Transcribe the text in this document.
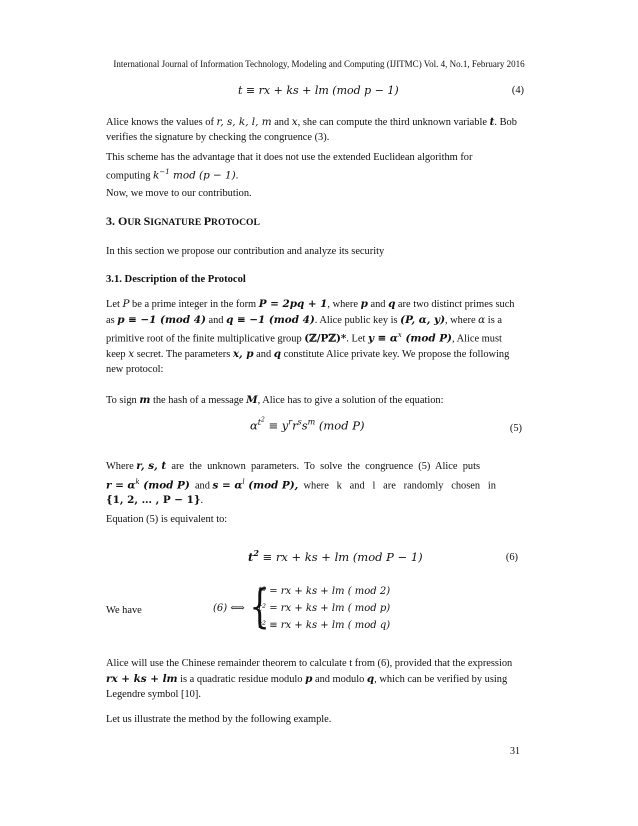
International Journal of Information Technology, Modeling and Computing (IJITMC) Vol. 4, No.1, February 2016
t ≡ rx + ks + lm (mod p − 1)	(4)
Alice knows the values of r, s, k, l, m and x, she can compute the third unknown variable t. Bob
verifies the signature by checking the congruence (3).
This scheme has the advantage that it does not use the extended Euclidean algorithm for
computing $k^{-1}$ mod (p − 1).
Now, we move to our contribution.
3. OUR SIGNATURE PROTOCOL
In this section we propose our contribution and analyze its security
3.1. Description of the Protocol
Let P be a prime integer in the form P = 2pq + 1, where p and q are two distinct primes such
as p ≡ −1 (mod 4) and q ≡ −1 (mod 4). Alice public key is (P, α, y), where α is a
primitive root of the finite multiplicative group (ℤ/Pℤ)*. Let $y \equiv \alpha^x$ (mod P), Alice must
keep x secret. The parameters x, p and q constitute Alice private key. We propose the following
new protocol:
To sign m the hash of a message M, Alice has to give a solution of the equation:
$\alpha^{t^2} \equiv y^rr^ss^m$ (mod P)	(5)
Where r, s, t  are  the  unknown  parameters.  To  solve  the  congruence  (5)  Alice  puts
$r = \alpha^k$ (mod P)  and $s = \alpha^l$ (mod P),  where   k   and   l   are   randomly   chosen   in
{1, 2, … , P − 1}.
Equation (5) is equivalent to:
$t^2$ ≡ rx + ks + lm (mod P − 1)	(6)
We have	(6) ⟺ {
t² = rx + ks + lm ( mod 2)
t² = rx + ks + lm ( mod p)
t² ≡ rx + ks + lm ( mod q)
Alice will use the Chinese remainder theorem to calculate t from (6), provided that the expression
rx + ks + lm is a quadratic residue modulo p and modulo q, which can be verified by using
Legendre symbol [10].
Let us illustrate the method by the following example.
31
